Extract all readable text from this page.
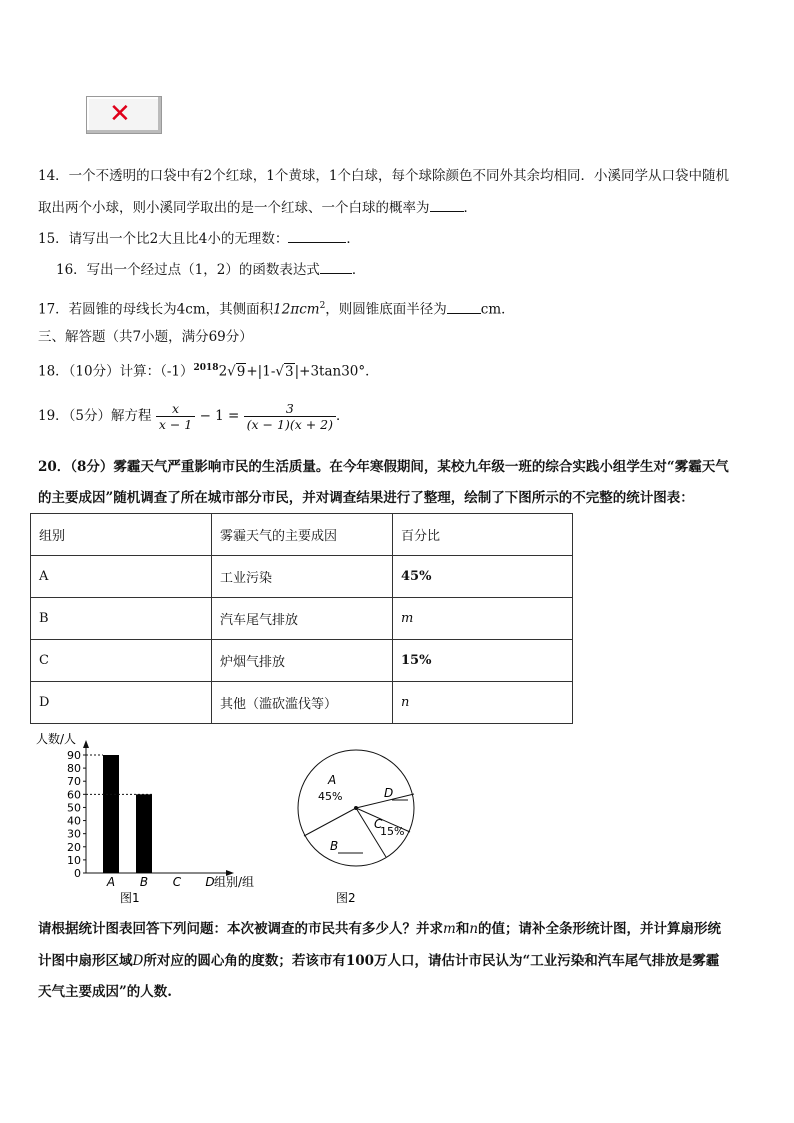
✕
14．一个不透明的口袋中有2个红球，1个黄球，1个白球，每个球除颜色不同外其余均相同．小溪同学从口袋中随机
取出两个小球，则小溪同学取出的是一个红球、一个白球的概率为	．
15．请写出一个比2大且比4小的无理数：	．
16．写出一个经过点（1，2）的函数表达式 ．
17．若圆锥的母线长为4cm，其侧面积12πcm$^2$，则圆锥底面半径为	cm．
三、解答题（共7小题，满分69分）
18．（10分）计算：$(-1)^{2018}2√9+|1-√3|+3\tan 30^\circ$．
19．（5分）解方程 $\frac{x}{x - 1} - 1 = \frac{3}{(x - 1)(x + 2)}$ ．
20．（8分）雾霾天气严重影响市民的生活质量。在今年寒假期间，某校九年级一班的综合实践小组学生对“雾霾天气
的主要成因”随机调查了所在城市部分市民，并对调查结果进行了整理，绘制了下图所示的不完整的统计图表：
组别	雾霾天气的主要成因	百分比
A	工业污染	45%
B	汽车尾气排放	m
C	炉烟气排放	15%
D	其他（滥砍滥伐等）	n
人数/人
0
10
20
30
40
50
60
70
80
90
A B C D 组别/组
图1
A
45%	D
C
15%
B
图2
请根据统计图表回答下列问题：本次被调查的市民共有多少人？并求m和n的值；请补全条形统计图，并计算扇形统
计图中扇形区域D所对应的圆心角的度数；若该市有100万人口，请估计市民认为“工业污染和汽车尾气排放是雾霾
天气主要成因”的人数.
